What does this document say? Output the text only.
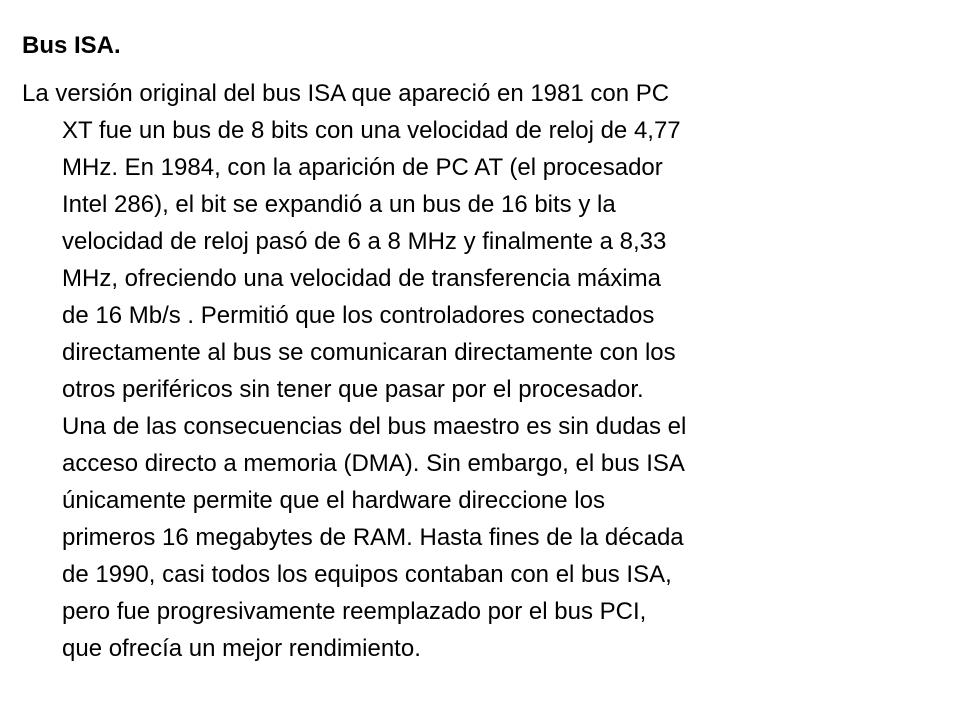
Bus ISA.

La versión original del bus ISA que apareció en 1981 con PC
XT fue un bus de 8 bits con una velocidad de reloj de 4,77
MHz. En 1984, con la aparición de PC AT (el procesador
Intel 286), el bit se expandió a un bus de 16 bits y la
velocidad de reloj pasó de 6 a 8 MHz y finalmente a 8,33
MHz, ofreciendo una velocidad de transferencia máxima
de 16 Mb/s . Permitió que los controladores conectados
directamente al bus se comunicaran directamente con los
otros periféricos sin tener que pasar por el procesador.
Una de las consecuencias del bus maestro es sin dudas el
acceso directo a memoria (DMA). Sin embargo, el bus ISA
únicamente permite que el hardware direccione los
primeros 16 megabytes de RAM. Hasta fines de la década
de 1990, casi todos los equipos contaban con el bus ISA,
pero fue progresivamente reemplazado por el bus PCI,
que ofrecía un mejor rendimiento.
